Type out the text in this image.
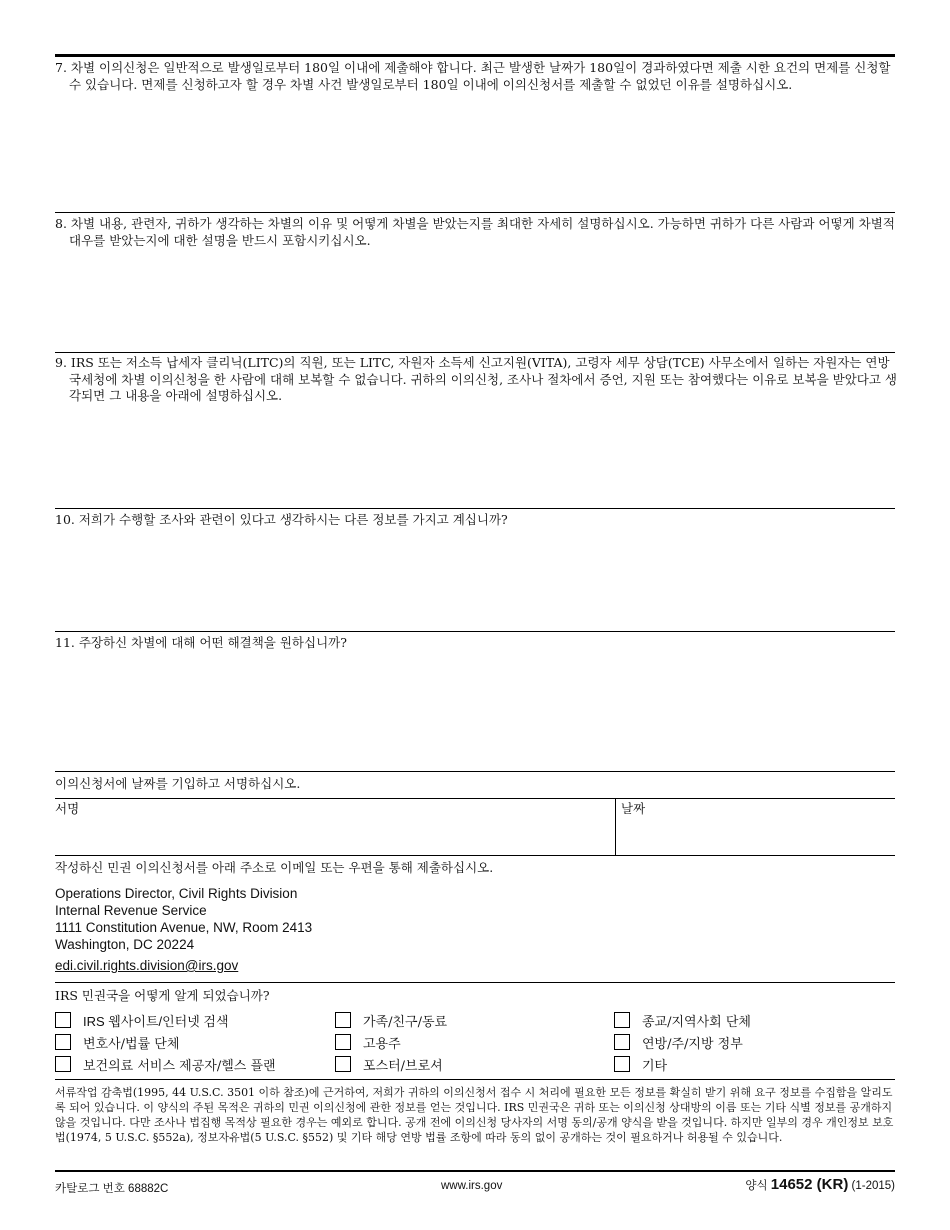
7. 차별 이의신청은 일반적으로 발생일로부터 180일 이내에 제출해야 합니다. 최근 발생한 날짜가 180일이 경과하였다면 제출 시한 요건의 면제를 신청할 수 있습니다. 면제를 신청하고자 할 경우 차별 사건 발생일로부터 180일 이내에 이의신청서를 제출할 수 없었던 이유를 설명하십시오.
8. 차별 내용, 관련자, 귀하가 생각하는 차별의 이유 및 어떻게 차별을 받았는지를 최대한 자세히 설명하십시오. 가능하면 귀하가 다른 사람과 어떻게 차별적 대우를 받았는지에 대한 설명을 반드시 포함시키십시오.
9. IRS 또는 저소득 납세자 클리닉(LITC)의 직원, 또는 LITC, 자원자 소득세 신고지원(VITA), 고령자 세무 상담(TCE) 사무소에서 일하는 자원자는 연방국세청에 차별 이의신청을 한 사람에 대해 보복할 수 없습니다. 귀하의 이의신청, 조사나 절차에서 증언, 지원 또는 참여했다는 이유로 보복을 받았다고 생각되면 그 내용을 아래에 설명하십시오.
10. 저희가 수행할 조사와 관련이 있다고 생각하시는 다른 정보를 가지고 계십니까?
11. 주장하신 차별에 대해 어떤 해결책을 원하십니까?
이의신청서에 날짜를 기입하고 서명하십시오.
서명	날짜
작성하신 민권 이의신청서를 아래 주소로 이메일 또는 우편을 통해 제출하십시오.
Operations Director, Civil Rights Division
Internal Revenue Service
1111 Constitution Avenue, NW, Room 2413
Washington, DC 20224
edi.civil.rights.division@irs.gov
IRS 민권국을 어떻게 알게 되었습니까?
IRS 웹사이트/인터넷 검색	가족/친구/동료	종교/지역사회 단체
변호사/법률 단체	고용주	연방/주/지방 정부
보건의료 서비스 제공자/헬스 플랜	포스터/브로셔	기타
서류작업 감축법(1995, 44 U.S.C. 3501 이하 참조)에 근거하여, 저희가 귀하의 이의신청서 접수 시 처리에 필요한 모든 정보를 확실히 받기 위해 요구 정보를 수집함을 알리도록 되어 있습니다. 이 양식의 주된 목적은 귀하의 민권 이의신청에 관한 정보를 얻는 것입니다. IRS 민권국은 귀하 또는 이의신청 상대방의 이름 또는 기타 식별 정보를 공개하지 않을 것입니다. 다만 조사나 법집행 목적상 필요한 경우는 예외로 합니다. 공개 전에 이의신청 당사자의 서명 동의/공개 양식을 받을 것입니다. 하지만 일부의 경우 개인정보 보호법(1974, 5 U.S.C. §552a), 정보자유법(5 U.S.C. §552) 및 기타 해당 연방 법률 조항에 따라 동의 없이 공개하는 것이 필요하거나 허용될 수 있습니다.
카탈로그 번호 68882C	www.irs.gov	양식 14652 (KR) (1-2015)
